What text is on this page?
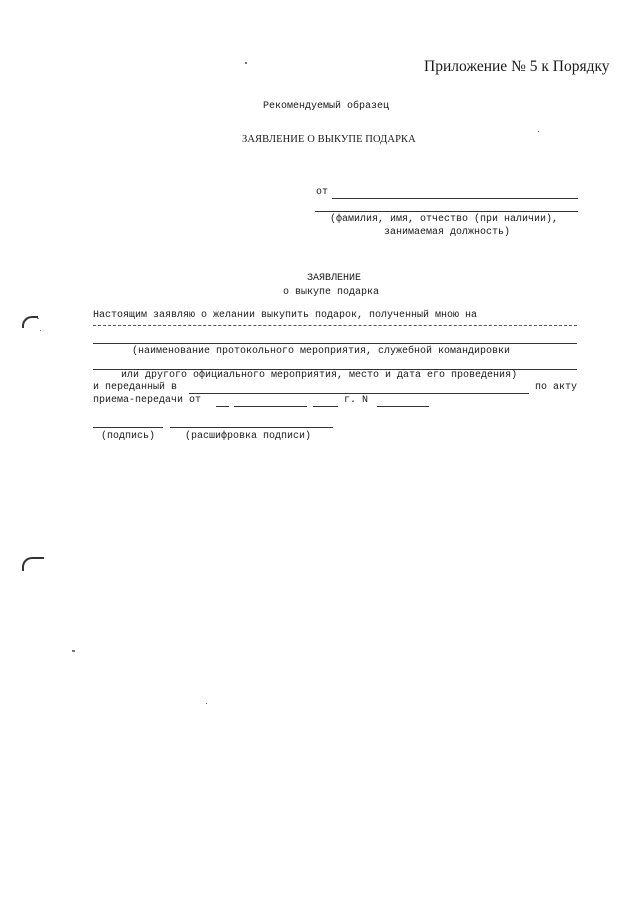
Приложение № 5 к Порядку
Рекомендуемый образец
ЗАЯВЛЕНИЕ О ВЫКУПЕ ПОДАРКА
от
(фамилия, имя, отчество (при наличии),
занимаемая должность)
ЗАЯВЛЕНИЕ
о выкупе подарка
Настоящим заявляю о желании выкупить подарок, полученный мною на
(наименование протокольного мероприятия, служебной командировки
или другого официального мероприятия, место и дата его проведения)
и переданный в	по акту
приема-передачи от	г. N
(подпись)	(расшифровка подписи)
